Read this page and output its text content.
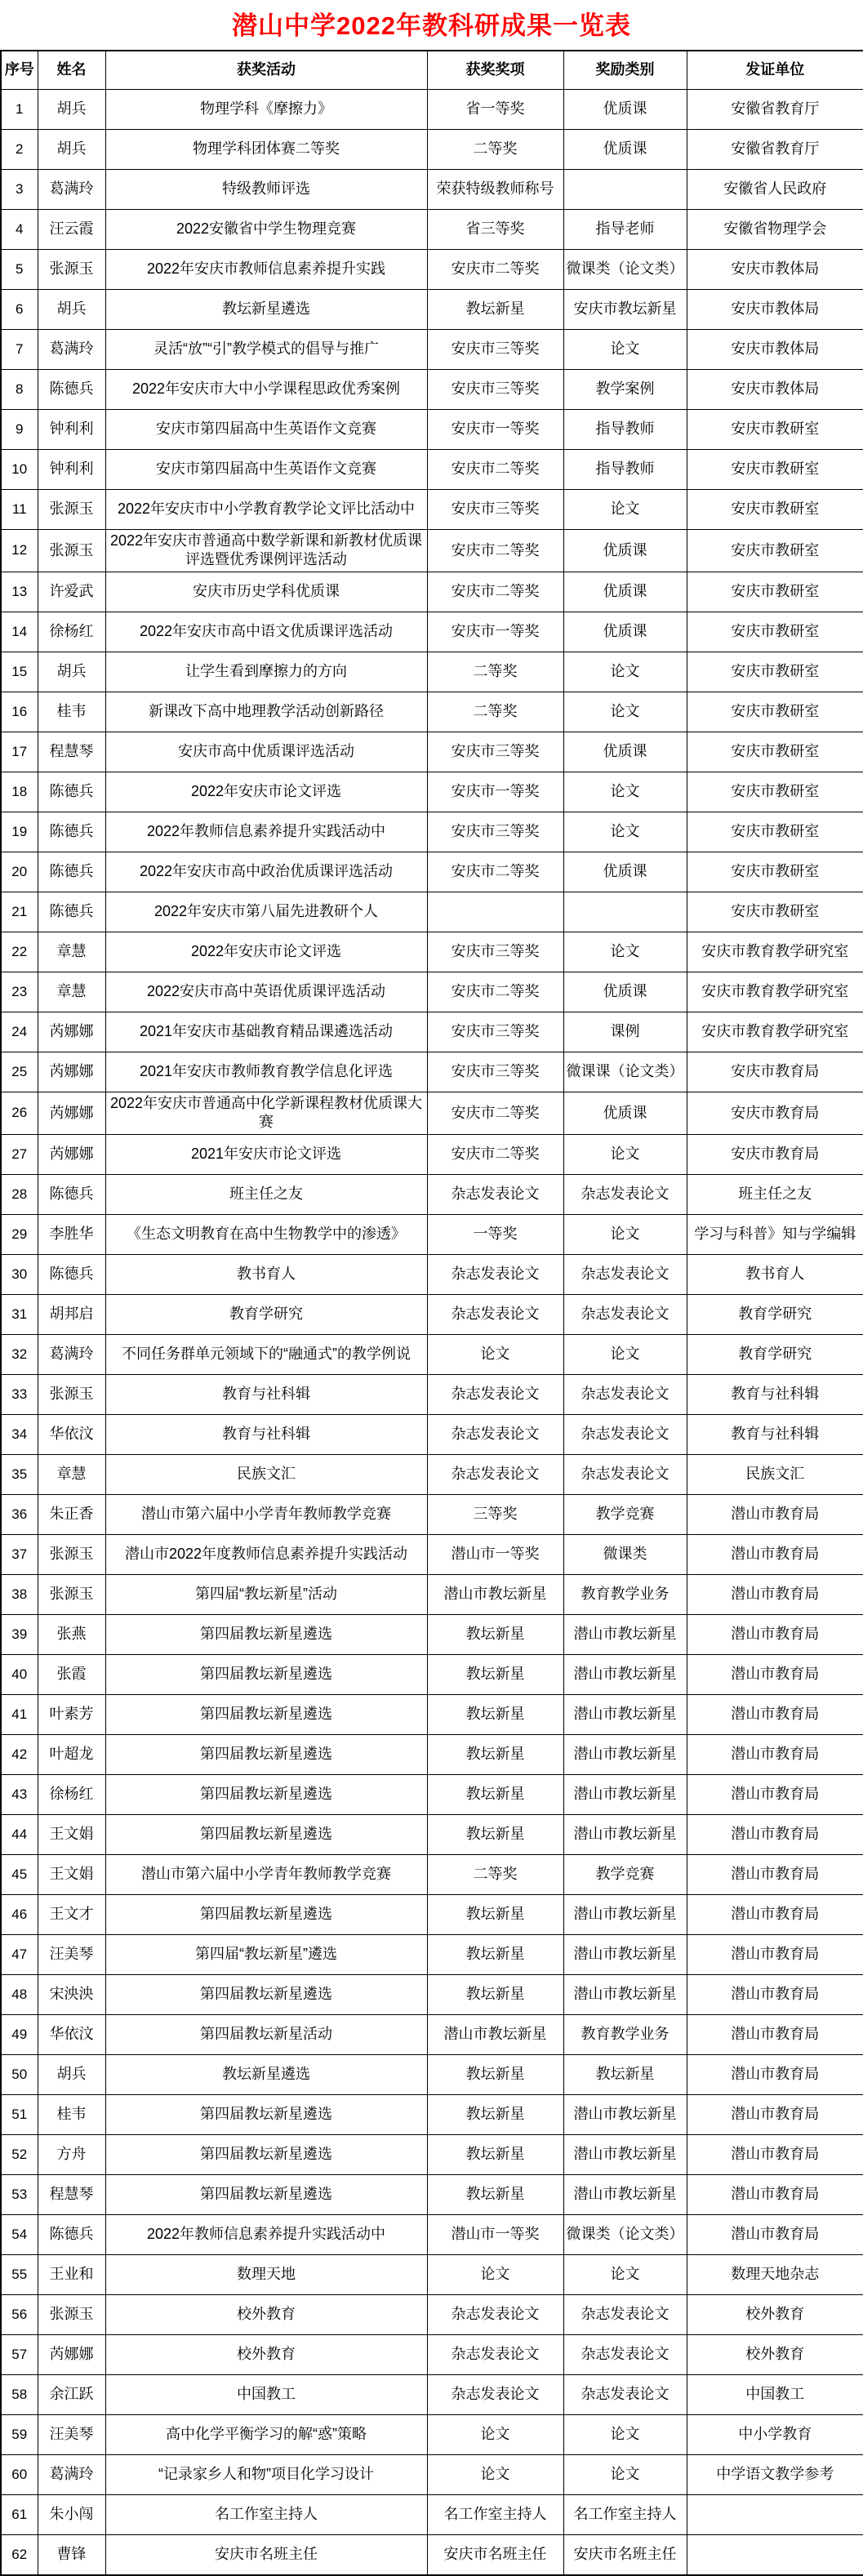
潜山中学2022年教科研成果一览表
序号	姓名	获奖活动	获奖奖项	奖励类别	发证单位
1	胡兵	物理学科《摩擦力》	省一等奖	优质课	安徽省教育厅
2	胡兵	物理学科团体赛二等奖	二等奖	优质课	安徽省教育厅
3	葛满玲	特级教师评选	荣获特级教师称号		安徽省人民政府
4	汪云霞	2022安徽省中学生物理竞赛	省三等奖	指导老师	安徽省物理学会
5	张源玉	2022年安庆市教师信息素养提升实践	安庆市二等奖	微课类（论文类）	安庆市教体局
6	胡兵	教坛新星遴选	教坛新星	安庆市教坛新星	安庆市教体局
7	葛满玲	灵活“放”“引”教学模式的倡导与推广	安庆市三等奖	论文	安庆市教体局
8	陈德兵	2022年安庆市大中小学课程思政优秀案例	安庆市三等奖	教学案例	安庆市教体局
9	钟利利	安庆市第四届高中生英语作文竞赛	安庆市一等奖	指导教师	安庆市教研室
10	钟利利	安庆市第四届高中生英语作文竞赛	安庆市二等奖	指导教师	安庆市教研室
11	张源玉	2022年安庆市中小学教育教学论文评比活动中	安庆市三等奖	论文	安庆市教研室
12	张源玉	2022年安庆市普通高中数学新课和新教材优质课评选暨优秀课例评选活动	安庆市二等奖	优质课	安庆市教研室
13	许爱武	安庆市历史学科优质课	安庆市二等奖	优质课	安庆市教研室
14	徐杨红	2022年安庆市高中语文优质课评选活动	安庆市一等奖	优质课	安庆市教研室
15	胡兵	让学生看到摩擦力的方向	二等奖	论文	安庆市教研室
16	桂韦	新课改下高中地理教学活动创新路径	二等奖	论文	安庆市教研室
17	程慧琴	安庆市高中优质课评选活动	安庆市三等奖	优质课	安庆市教研室
18	陈德兵	2022年安庆市论文评选	安庆市一等奖	论文	安庆市教研室
19	陈德兵	2022年教师信息素养提升实践活动中	安庆市三等奖	论文	安庆市教研室
20	陈德兵	2022年安庆市高中政治优质课评选活动	安庆市二等奖	优质课	安庆市教研室
21	陈德兵	2022年安庆市第八届先进教研个人			安庆市教研室
22	章慧	2022年安庆市论文评选	安庆市三等奖	论文	安庆市教育教学研究室
23	章慧	2022安庆市高中英语优质课评选活动	安庆市二等奖	优质课	安庆市教育教学研究室
24	芮娜娜	2021年安庆市基础教育精品课遴选活动	安庆市三等奖	课例	安庆市教育教学研究室
25	芮娜娜	2021年安庆市教师教育教学信息化评选	安庆市三等奖	微课课（论文类）	安庆市教育局
26	芮娜娜	2022年安庆市普通高中化学新课程教材优质课大赛	安庆市二等奖	优质课	安庆市教育局
27	芮娜娜	2021年安庆市论文评选	安庆市二等奖	论文	安庆市教育局
28	陈德兵	班主任之友	杂志发表论文	杂志发表论文	班主任之友
29	李胜华	《生态文明教育在高中生物教学中的渗透》	一等奖	论文	学习与科普》知与学编辑
30	陈德兵	教书育人	杂志发表论文	杂志发表论文	教书育人
31	胡邦启	教育学研究	杂志发表论文	杂志发表论文	教育学研究
32	葛满玲	不同任务群单元领域下的“融通式”的教学例说	论文	论文	教育学研究
33	张源玉	教育与社科辑	杂志发表论文	杂志发表论文	教育与社科辑
34	华依汶	教育与社科辑	杂志发表论文	杂志发表论文	教育与社科辑
35	章慧	民族文汇	杂志发表论文	杂志发表论文	民族文汇
36	朱正香	潜山市第六届中小学青年教师教学竞赛	三等奖	教学竞赛	潜山市教育局
37	张源玉	潜山市2022年度教师信息素养提升实践活动	潜山市一等奖	微课类	潜山市教育局
38	张源玉	第四届“教坛新星”活动	潜山市教坛新星	教育教学业务	潜山市教育局
39	张燕	第四届教坛新星遴选	教坛新星	潜山市教坛新星	潜山市教育局
40	张霞	第四届教坛新星遴选	教坛新星	潜山市教坛新星	潜山市教育局
41	叶素芳	第四届教坛新星遴选	教坛新星	潜山市教坛新星	潜山市教育局
42	叶超龙	第四届教坛新星遴选	教坛新星	潜山市教坛新星	潜山市教育局
43	徐杨红	第四届教坛新星遴选	教坛新星	潜山市教坛新星	潜山市教育局
44	王文娟	第四届教坛新星遴选	教坛新星	潜山市教坛新星	潜山市教育局
45	王文娟	潜山市第六届中小学青年教师教学竞赛	二等奖	教学竞赛	潜山市教育局
46	王文才	第四届教坛新星遴选	教坛新星	潜山市教坛新星	潜山市教育局
47	汪美琴	第四届“教坛新星”遴选	教坛新星	潜山市教坛新星	潜山市教育局
48	宋泱泱	第四届教坛新星遴选	教坛新星	潜山市教坛新星	潜山市教育局
49	华依汶	第四届教坛新星活动	潜山市教坛新星	教育教学业务	潜山市教育局
50	胡兵	教坛新星遴选	教坛新星	教坛新星	潜山市教育局
51	桂韦	第四届教坛新星遴选	教坛新星	潜山市教坛新星	潜山市教育局
52	方舟	第四届教坛新星遴选	教坛新星	潜山市教坛新星	潜山市教育局
53	程慧琴	第四届教坛新星遴选	教坛新星	潜山市教坛新星	潜山市教育局
54	陈德兵	2022年教师信息素养提升实践活动中	潜山市一等奖	微课类（论文类）	潜山市教育局
55	王业和	数理天地	论文	论文	数理天地杂志
56	张源玉	校外教育	杂志发表论文	杂志发表论文	校外教育
57	芮娜娜	校外教育	杂志发表论文	杂志发表论文	校外教育
58	余江跃	中国教工	杂志发表论文	杂志发表论文	中国教工
59	汪美琴	高中化学平衡学习的解“惑”策略	论文	论文	中小学教育
60	葛满玲	“记录家乡人和物”项目化学习设计	论文	论文	中学语文教学参考
61	朱小闯	名工作室主持人	名工作室主持人	名工作室主持人	
62	曹锋	安庆市名班主任	安庆市名班主任	安庆市名班主任	
